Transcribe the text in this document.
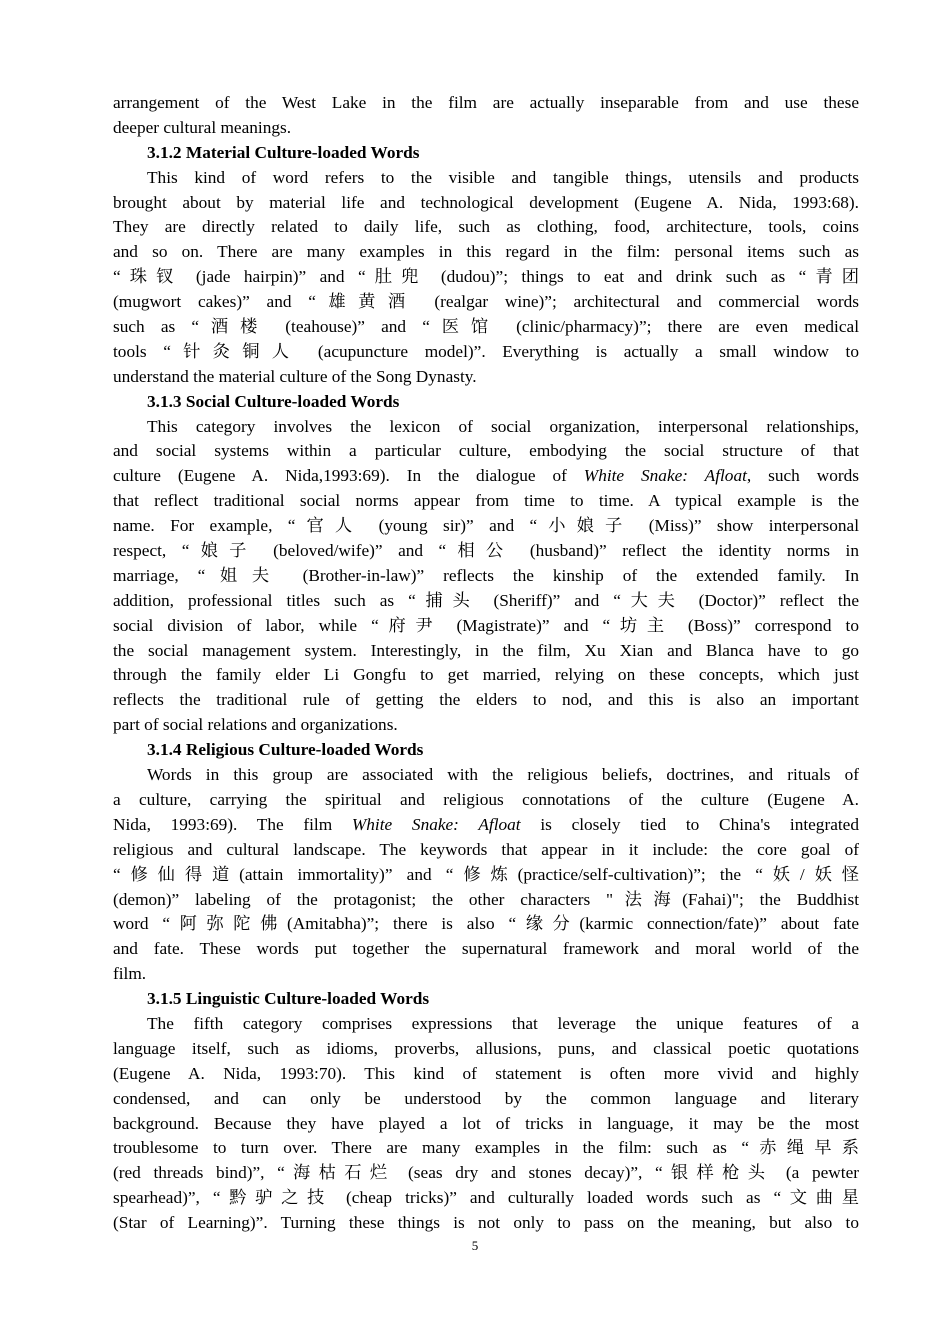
arrangement of the West Lake in the film are actually inseparable from and use these
deeper cultural meanings.
3.1.2 Material Culture-loaded Words
This kind of word refers to the visible and tangible things, utensils and products
brought about by material life and technological development (Eugene A. Nida, 1993:68).
They are directly related to daily life, such as clothing, food, architecture, tools, coins
and so on. There are many examples in this regard in the film: personal items such as
“珠钗 (jade hairpin)” and “肚兜 (dudou)”; things to eat and drink such as “青团
(mugwort cakes)” and “雄黄酒 (realgar wine)”; architectural and commercial words
such as “酒楼 (teahouse)” and “医馆 (clinic/pharmacy)”; there are even medical
tools “针灸铜人 (acupuncture model)”. Everything is actually a small window to
understand the material culture of the Song Dynasty.
3.1.3 Social Culture-loaded Words
This category involves the lexicon of social organization, interpersonal relationships,
and social systems within a particular culture, embodying the social structure of that
culture (Eugene A. Nida,1993:69). In the dialogue of White Snake: Afloat, such words
that reflect traditional social norms appear from time to time. A typical example is the
name. For example, “官人 (young sir)” and “小娘子 (Miss)” show interpersonal
respect, “娘子 (beloved/wife)” and “相公 (husband)” reflect the identity norms in
marriage, “姐夫 (Brother-in-law)” reflects the kinship of the extended family. In
addition, professional titles such as “捕头 (Sheriff)” and “大夫 (Doctor)” reflect the
social division of labor, while “府尹 (Magistrate)” and “坊主 (Boss)” correspond to
the social management system. Interestingly, in the film, Xu Xian and Blanca have to go
through the family elder Li Gongfu to get married, relying on these concepts, which just
reflects the traditional rule of getting the elders to nod, and this is also an important
part of social relations and organizations.
3.1.4 Religious Culture-loaded Words
Words in this group are associated with the religious beliefs, doctrines, and rituals of
a culture, carrying the spiritual and religious connotations of the culture (Eugene A.
Nida, 1993:69). The film White Snake: Afloat is closely tied to China's integrated
religious and cultural landscape. The keywords that appear in it include: the core goal of
“修仙得道(attain immortality)” and “修炼(practice/self-cultivation)”; the “妖/妖怪
(demon)” labeling of the protagonist; the other characters "法海(Fahai)"; the Buddhist
word “阿弥陀佛(Amitabha)”; there is also “缘分(karmic connection/fate)” about fate
and fate. These words put together the supernatural framework and moral world of the
film.
3.1.5 Linguistic Culture-loaded Words
The fifth category comprises expressions that leverage the unique features of a
language itself, such as idioms, proverbs, allusions, puns, and classical poetic quotations
(Eugene A. Nida, 1993:70). This kind of statement is often more vivid and highly
condensed, and can only be understood by the common language and literary
background. Because they have played a lot of tricks in language, it may be the most
troublesome to turn over. There are many examples in the film: such as “赤绳早系
(red threads bind)”, “海枯石烂 (seas dry and stones decay)”, “银样枪头 (a pewter
spearhead)”, “黔驴之技 (cheap tricks)” and culturally loaded words such as “文曲星
(Star of Learning)”. Turning these things is not only to pass on the meaning, but also to
5
